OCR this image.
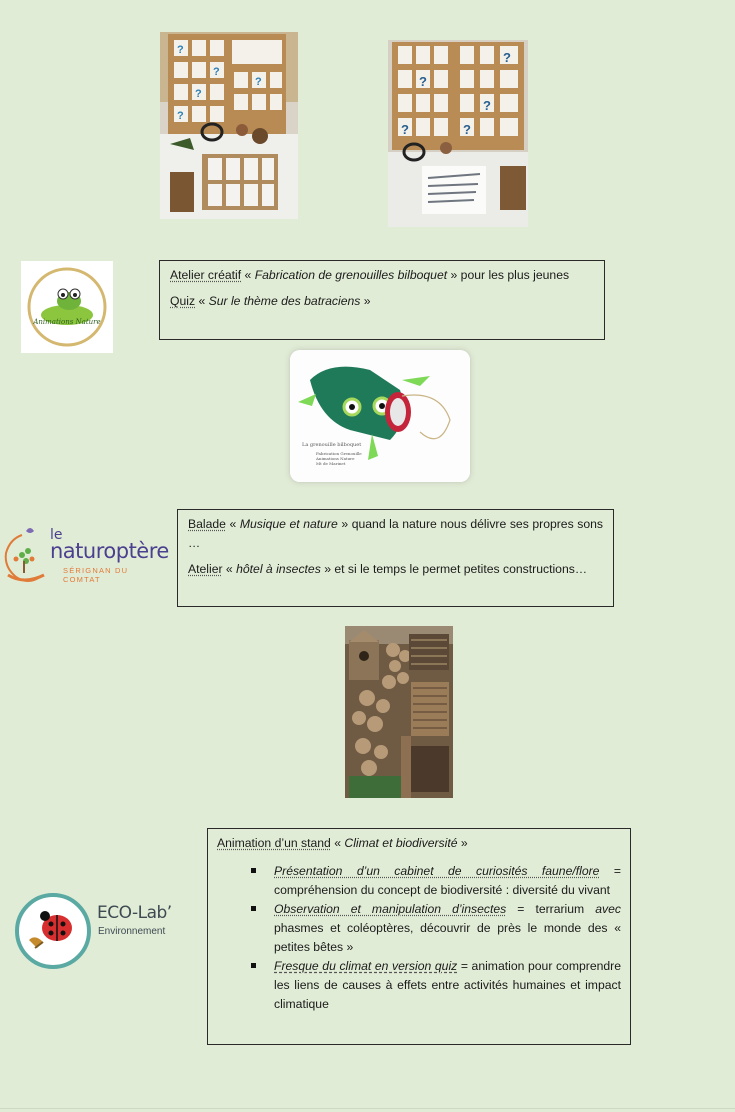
?
?
?
?
?
?
?
?
?	?
Animations Nature

Atelier créatif « Fabrication de grenouilles bilboquet » pour les plus jeunes

Quiz « Sur le thème des batraciens »

La grenouille bilboquet
Fabrication Grenouille
Animations Nature
Mt de Marinet
le
naturoptère
SÉRIGNAN DU COMTAT

Balade « Musique et nature » quand la nature nous délivre ses propres sons …

Atelier « hôtel à insectes » et si le temps le permet petites constructions…

ECO-Lab’
Environnement

Animation d’un stand « Climat et biodiversité »

Présentation d’un cabinet de curiosités faune/flore = compréhension du concept de biodiversité : diversité du vivant
Observation et manipulation d’insectes = terrarium avec phasmes et coléoptères, découvrir de près le monde des « petites bêtes »
Fresque du climat en version quiz = animation pour comprendre les liens de causes à effets entre activités humaines et impact climatique
